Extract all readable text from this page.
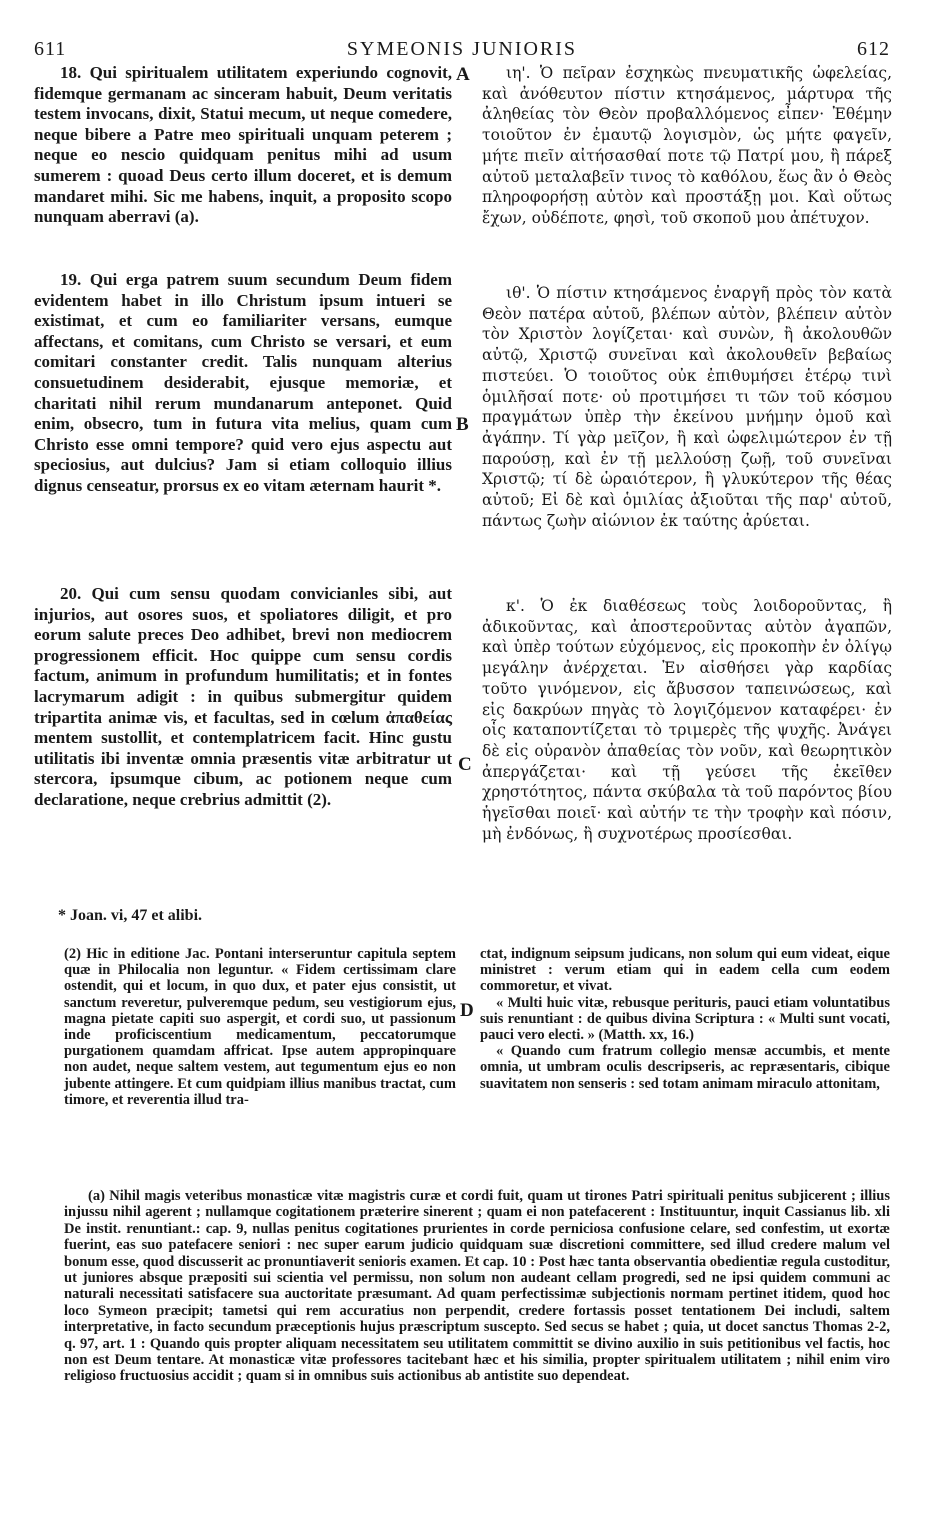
611	SYMEONIS JUNIORIS	612

18. Qui spiritualem utilitatem experiundo cognovit, fidemque germanam ac sinceram habuit, Deum veritatis testem invocans, dixit, Statui mecum, ut neque comedere, neque bibere a Patre meo spirituali unquam peterem ; neque eo nescio quidquam penitus mihi ad usum sumerem : quoad Deus certo illum doceret, et is demum mandaret mihi. Sic me habens, inquit, a proposito scopo nunquam aberravi (a).

19. Qui erga patrem suum secundum Deum fidem evidentem habet in illo Christum ipsum intueri se existimat, et cum eo familiariter versans, eumque affectans, et comitans, cum Christo se versari, et eum comitari constanter credit. Talis nunquam alterius consuetudinem desiderabit, ejusque memoriæ, et charitati nihil rerum mundanarum anteponet. Quid enim, obsecro, tum in futura vita melius, quam cum Christo esse omni tempore? quid vero ejus aspectu aut speciosius, aut dulcius? Jam si etiam colloquio illius dignus censeatur, prorsus ex eo vitam æternam haurit *.

20. Qui cum sensu quodam convicianles sibi, aut injurios, aut osores suos, et spoliatores diligit, et pro eorum salute preces Deo adhibet, brevi non mediocrem progressionem efficit. Hoc quippe cum sensu cordis factum, animum in profundum humilitatis; et in fontes lacrymarum adigit : in quibus submergitur quidem tripartita animæ vis, et facultas, sed in cœlum ἀπαθείας mentem sustollit, et contemplatricem facit. Hinc gustu utilitatis ibi inventæ omnia præsentis vitæ arbitratur ut stercora, ipsumque cibum, ac potionem neque cum declaratione, neque crebrius admittit (2).

ιη'. Ὁ πεῖραν ἐσχηκὼς πνευματικῆς ὠφελείας, καὶ ἀνόθευτον πίστιν κτησάμενος, μάρτυρα τῆς ἀληθείας τὸν Θεὸν προβαλλόμενος εἶπεν· Ἐθέμην τοιοῦτον ἐν ἐμαυτῷ λογισμὸν, ὡς μήτε φαγεῖν, μήτε πιεῖν αἰτήσασθαί ποτε τῷ Πατρί μου, ἢ πάρεξ αὐτοῦ μεταλαβεῖν τινος τὸ καθόλου, ἕως ἂν ὁ Θεὸς πληροφορήσῃ αὐτὸν καὶ προστάξῃ μοι. Καὶ οὕτως ἔχων, οὐδέποτε, φησὶ, τοῦ σκοποῦ μου ἀπέτυχον.

ιθ'. Ὁ πίστιν κτησάμενος ἐναργῆ πρὸς τὸν κατὰ Θεὸν πατέρα αὐτοῦ, βλέπων αὐτὸν, βλέπειν αὐτὸν τὸν Χριστὸν λογίζεται· καὶ συνὼν, ἢ ἀκολουθῶν αὐτῷ, Χριστῷ συνεῖναι καὶ ἀκολουθεῖν βεβαίως πιστεύει. Ὁ τοιοῦτος οὐκ ἐπιθυμήσει ἑτέρῳ τινὶ ὁμιλῆσαί ποτε· οὐ προτιμήσει τι τῶν τοῦ κόσμου πραγμάτων ὑπὲρ τὴν ἐκείνου μνήμην ὁμοῦ καὶ ἀγάπην. Τί γὰρ μεῖζον, ἢ καὶ ὠφελιμώτερον ἐν τῇ παρούσῃ, καὶ ἐν τῇ μελλούσῃ ζωῇ, τοῦ συνεῖναι Χριστῷ; τί δὲ ὡραιότερον, ἢ γλυκύτερον τῆς θέας αὐτοῦ; Εἰ δὲ καὶ ὁμιλίας ἀξιοῦται τῆς παρ' αὐτοῦ, πάντως ζωὴν αἰώνιον ἐκ ταύτης ἀρύεται.

κ'. Ὁ ἐκ διαθέσεως τοὺς λοιδοροῦντας, ἢ ἀδικοῦντας, καὶ ἀποστεροῦντας αὐτὸν ἀγαπῶν, καὶ ὑπὲρ τούτων εὐχόμενος, εἰς προκοπὴν ἐν ὀλίγῳ μεγάλην ἀνέρχεται. Ἐν αἰσθήσει γὰρ καρδίας τοῦτο γινόμενον, εἰς ἄβυσσον ταπεινώσεως, καὶ εἰς δακρύων πηγὰς τὸ λογιζόμενον καταφέρει· ἐν οἷς καταποντίζεται τὸ τριμερὲς τῆς ψυχῆς. Ἀνάγει δὲ εἰς οὐρανὸν ἀπαθείας τὸν νοῦν, καὶ θεωρητικὸν ἀπεργάζεται· καὶ τῇ γεύσει τῆς ἐκεῖθεν χρηστότητος, πάντα σκύβαλα τὰ τοῦ παρόντος βίου ἡγεῖσθαι ποιεῖ· καὶ αὐτήν τε τὴν τροφὴν καὶ πόσιν, μὴ ἐνδόνως, ἢ συχνοτέρως προσίεσθαι.

A
B
C
D
* Joan. vi, 47 et alibi.

(2) Hic in editione Jac. Pontani interseruntur capitula septem quæ in Philocalia non leguntur. « Fidem certissimam clare ostendit, qui et locum, in quo dux, et pater ejus consistit, ut sanctum reveretur, pulveremque pedum, seu vestigiorum ejus, magna pietate capiti suo aspergit, et cordi suo, ut passionum inde proficiscentium medicamentum, peccatorumque purgationem quamdam affricat. Ipse autem appropinquare non audet, neque saltem vestem, aut tegumentum ejus eo non jubente attingere. Et cum quidpiam illius manibus tractat, cum timore, et reverentia illud tra-

ctat, indignum seipsum judicans, non solum qui eum videat, eique ministret : verum etiam qui in eadem cella cum eodem commoretur, et vivat.

« Multi huic vitæ, rebusque perituris, pauci etiam voluntatibus suis renuntiant : de quibus divina Scriptura : « Multi sunt vocati, pauci vero electi. » (Matth. xx, 16.)

« Quando cum fratrum collegio mensæ accumbis, et mente omnia, ut umbram oculis descripseris, ac repræsentaris, cibique suavitatem non senseris : sed totam animam miraculo attonitam,

(a) Nihil magis veteribus monasticæ vitæ magistris curæ et cordi fuit, quam ut tirones Patri spirituali penitus subjicerent ; illius injussu nihil agerent ; nullamque cogitationem præterire sinerent ; quam ei non patefacerent : Instituuntur, inquit Cassianus lib. xli De instit. renuntiant.: cap. 9, nullas penitus cogitationes prurientes in corde perniciosa confusione celare, sed confestim, ut exortæ fuerint, eas suo patefacere seniori : nec super earum judicio quidquam suæ discretioni committere, sed illud credere malum vel bonum esse, quod discusserit ac pronuntiaverit senioris examen. Et cap. 10 : Post hæc tanta observantia obedientiæ regula custoditur, ut juniores absque præpositi sui scientia vel permissu, non solum non audeant cellam progredi, sed ne ipsi quidem communi ac naturali necessitati satisfacere sua auctoritate præsumant. Ad quam perfectissimæ subjectionis normam pertinet itidem, quod hoc loco Symeon præcipit; tametsi qui rem accuratius non perpendit, credere fortassis posset tentationem Dei includi, saltem interpretative, in facto secundum præceptionis hujus præscriptum suscepto. Sed secus se habet ; quia, ut docet sanctus Thomas 2-2, q. 97, art. 1 : Quando quis propter aliquam necessitatem seu utilitatem committit se divino auxilio in suis petitionibus vel factis, hoc non est Deum tentare. At monasticæ vitæ professores tacitebant hæc et his similia, propter spiritualem utilitatem ; nihil enim viro religioso fructuosius accidit ; quam si in omnibus suis actionibus ab antistite suo dependeat.
